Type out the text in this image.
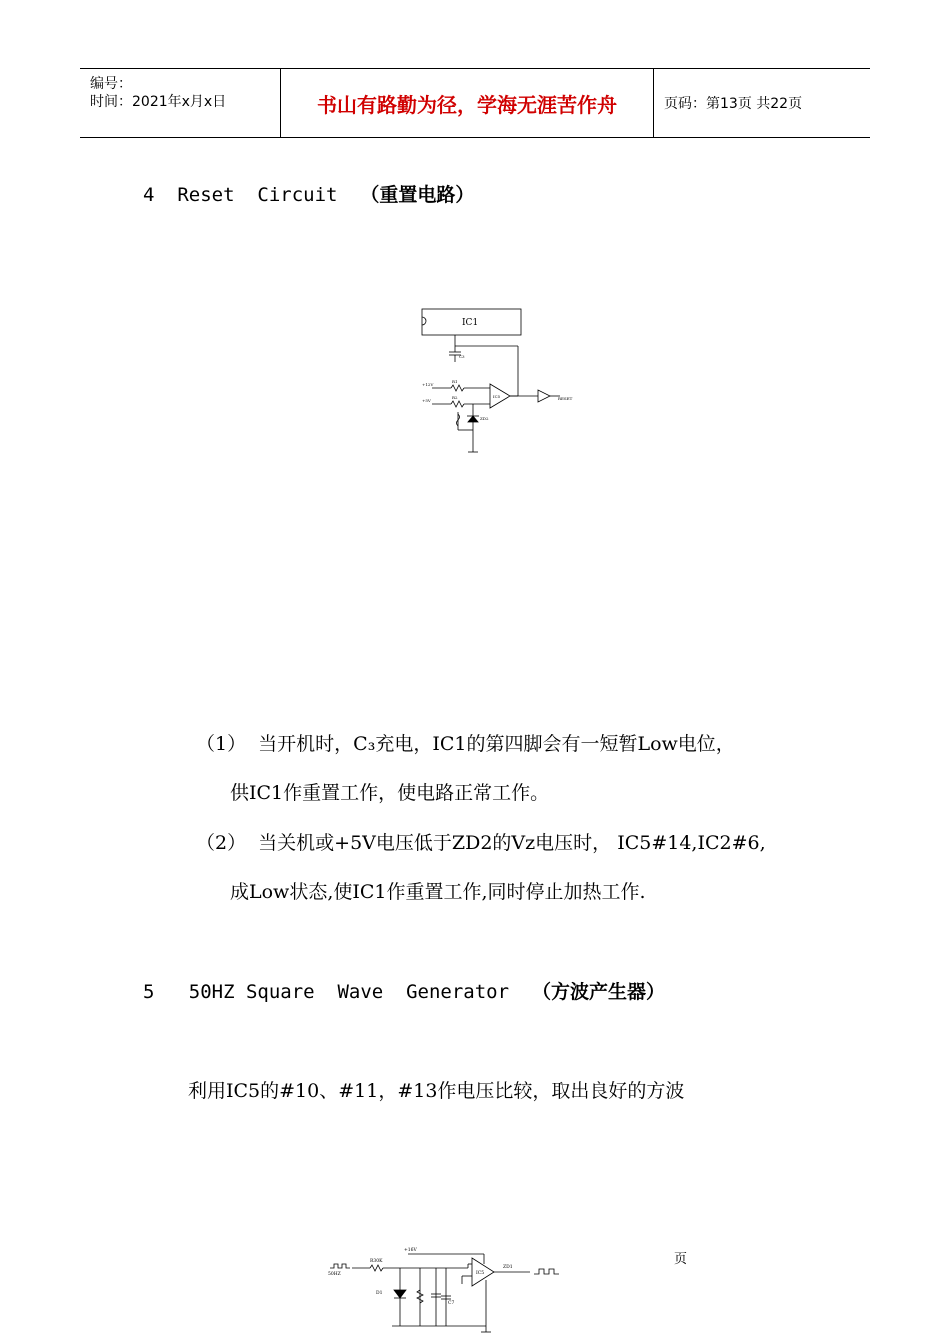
编号：
时间：2021年x月x日	书山有路勤为径，学海无涯苦作舟	页码：第13页 共22页
4  Reset  Circuit  （重置电路）
IC1
+12V
+5V
R1
R2
ZD2
IC5
C3
RESET
（1）  当开机时，C₃充电，IC1的第四脚会有一短暂Low电位，
供IC1作重置工作，使电路正常工作。
（2）  当关机或+5V电压低于ZD2的Vz电压时， IC5#14,IC2#6,
成Low状态,使IC1作重置工作,同时停止加热工作.
5   50HZ Square  Wave  Generator  （方波产生器）
利用IC5的#10、#11，#13作电压比较，取出良好的方波
+16V
R30K
50HZ	IC5
D1
C7
ZD1
页
